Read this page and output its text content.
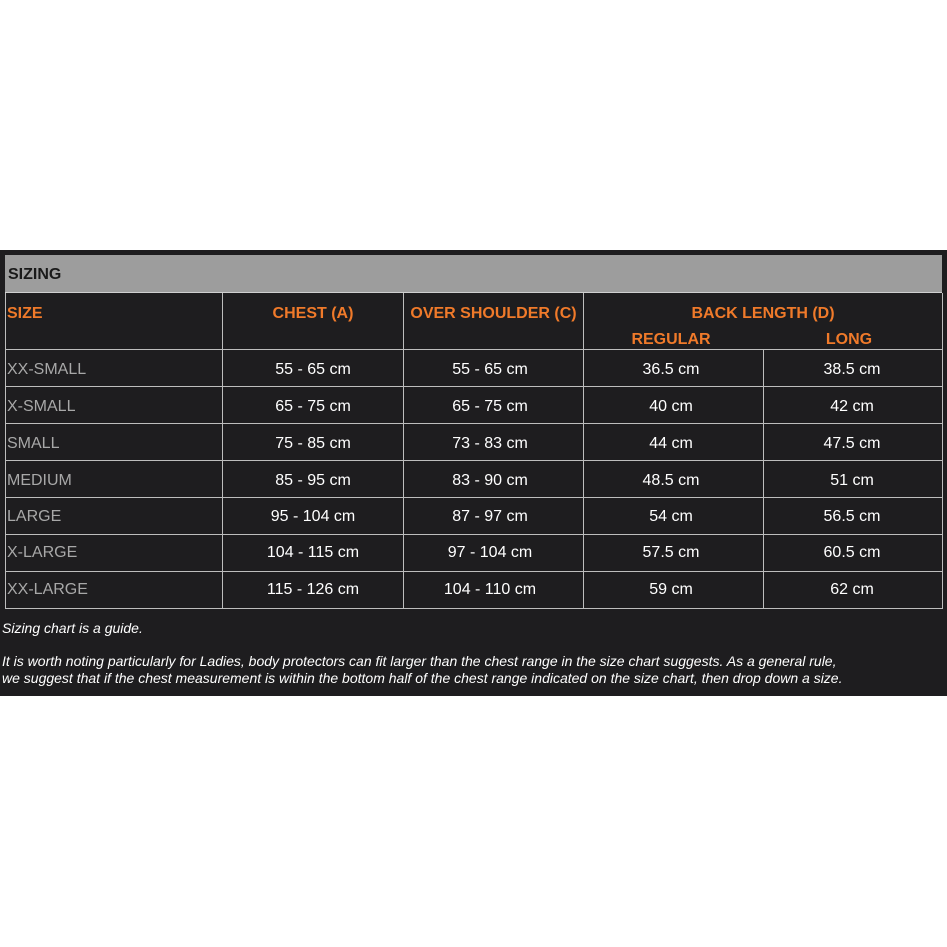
SIZING
SIZE	CHEST (A)	OVER SHOULDER (C)	BACK LENGTH (D)
REGULAR	LONG
XX-SMALL	55 - 65 cm	55 - 65 cm	36.5 cm	38.5 cm
X-SMALL	65 - 75 cm	65 - 75 cm	40 cm	42 cm
SMALL	75 - 85 cm	73 - 83 cm	44 cm	47.5 cm
MEDIUM	85 - 95 cm	83 - 90 cm	48.5 cm	51 cm
LARGE	95 - 104 cm	87 - 97 cm	54 cm	56.5 cm
X-LARGE	104 - 115 cm	97 - 104 cm	57.5 cm	60.5 cm
XX-LARGE	115 - 126 cm	104 - 110 cm	59 cm	62 cm

Sizing chart is a guide.

It is worth noting particularly for Ladies, body protectors can fit larger than the chest range in the size chart suggests. As a general rule,

we suggest that if the chest measurement is within the bottom half of the chest range indicated on the size chart, then drop down a size.
